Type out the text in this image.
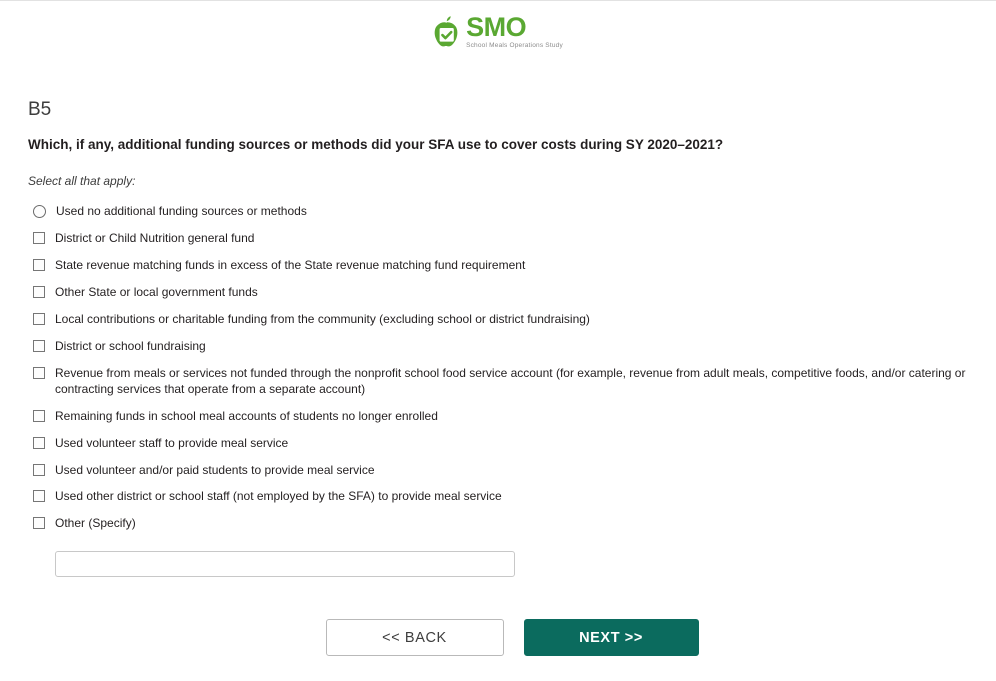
SMO
School Meals Operations Study
B5
Which, if any, additional funding sources or methods did your SFA use to cover costs during SY 2020–2021?
Select all that apply:
Used no additional funding sources or methods
District or Child Nutrition general fund
State revenue matching funds in excess of the State revenue matching fund requirement
Other State or local government funds
Local contributions or charitable funding from the community (excluding school or district fundraising)
District or school fundraising
Revenue from meals or services not funded through the nonprofit school food service account (for example, revenue from adult meals, competitive foods, and/or catering or contracting services that operate from a separate account)
Remaining funds in school meal accounts of students no longer enrolled
Used volunteer staff to provide meal service
Used volunteer and/or paid students to provide meal service
Used other district or school staff (not employed by the SFA) to provide meal service
Other (Specify)
<< BACK	NEXT >>
